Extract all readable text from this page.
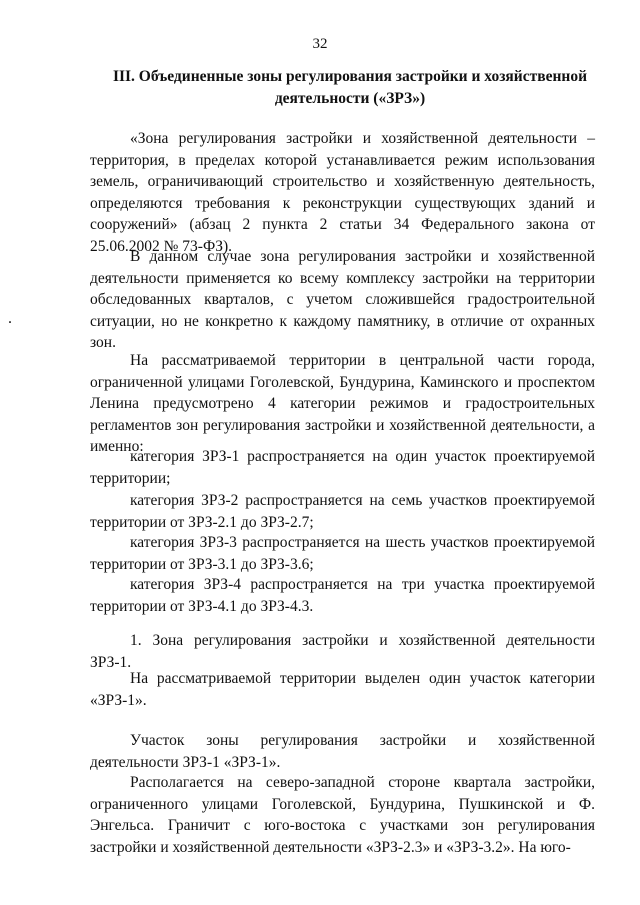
32
III. Объединенные зоны регулирования застройки и хозяйственной деятельности («ЗРЗ»)
.
«Зона регулирования застройки и хозяйственной деятельности – территория, в пределах которой устанавливается режим использования земель, ограничивающий строительство и хозяйственную деятельность, определяются требования к реконструкции существующих зданий и сооружений» (абзац 2 пункта 2 статьи 34 Федерального закона от 25.06.2002 № 73-ФЗ).
В данном случае зона регулирования застройки и хозяйственной деятельности применяется ко всему комплексу застройки на территории обследованных кварталов, с учетом сложившейся градостроительной ситуации, но не конкретно к каждому памятнику, в отличие от охранных зон.
На рассматриваемой территории в центральной части города, ограниченной улицами Гоголевской, Бундурина, Каминского и проспектом Ленина предусмотрено 4 категории режимов и градостроительных регламентов зон регулирования застройки и хозяйственной деятельности, а именно:
категория ЗРЗ-1 распространяется на один участок проектируемой территории;
категория ЗРЗ-2 распространяется на семь участков проектируемой территории от ЗРЗ-2.1 до ЗРЗ-2.7;
категория ЗРЗ-3 распространяется на шесть участков проектируемой территории от ЗРЗ-3.1 до ЗРЗ-3.6;
категория ЗРЗ-4 распространяется на три участка проектируемой территории от ЗРЗ-4.1 до ЗРЗ-4.3.
1. Зона регулирования застройки и хозяйственной деятельности ЗРЗ-1.
На рассматриваемой территории выделен один участок категории «ЗРЗ-1».
Участок зоны регулирования застройки и хозяйственной деятельности ЗРЗ-1 «ЗРЗ-1».
Располагается на северо-западной стороне квартала застройки, ограниченного улицами Гоголевской, Бундурина, Пушкинской и Ф. Энгельса. Граничит с юго-востока с участками зон регулирования застройки и хозяйственной деятельности «ЗРЗ-2.3» и «ЗРЗ-3.2». На юго-
